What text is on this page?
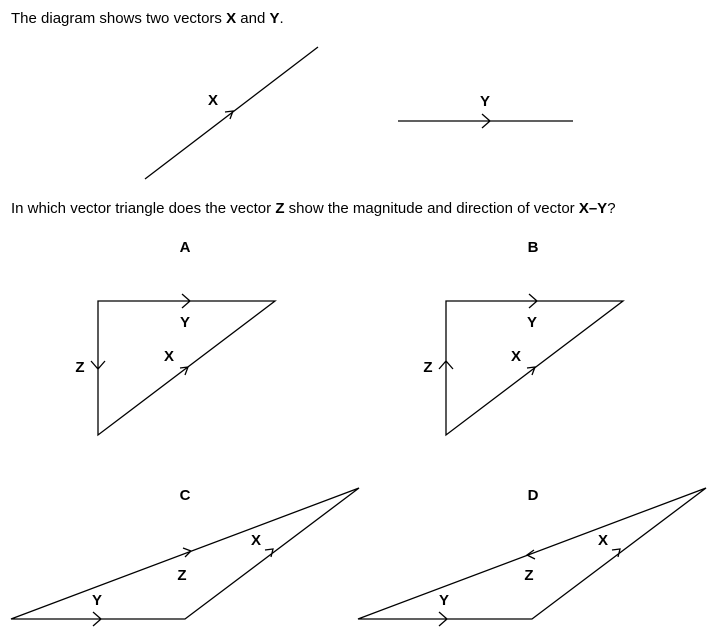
The diagram shows two vectors X and Y.
In which vector triangle does the vector Z show the magnitude and direction of vector X–Y?
X	Y
A
Y
Z
X
B
Y
Z
X
C
Y
Z
X
D
Y
Z
X
